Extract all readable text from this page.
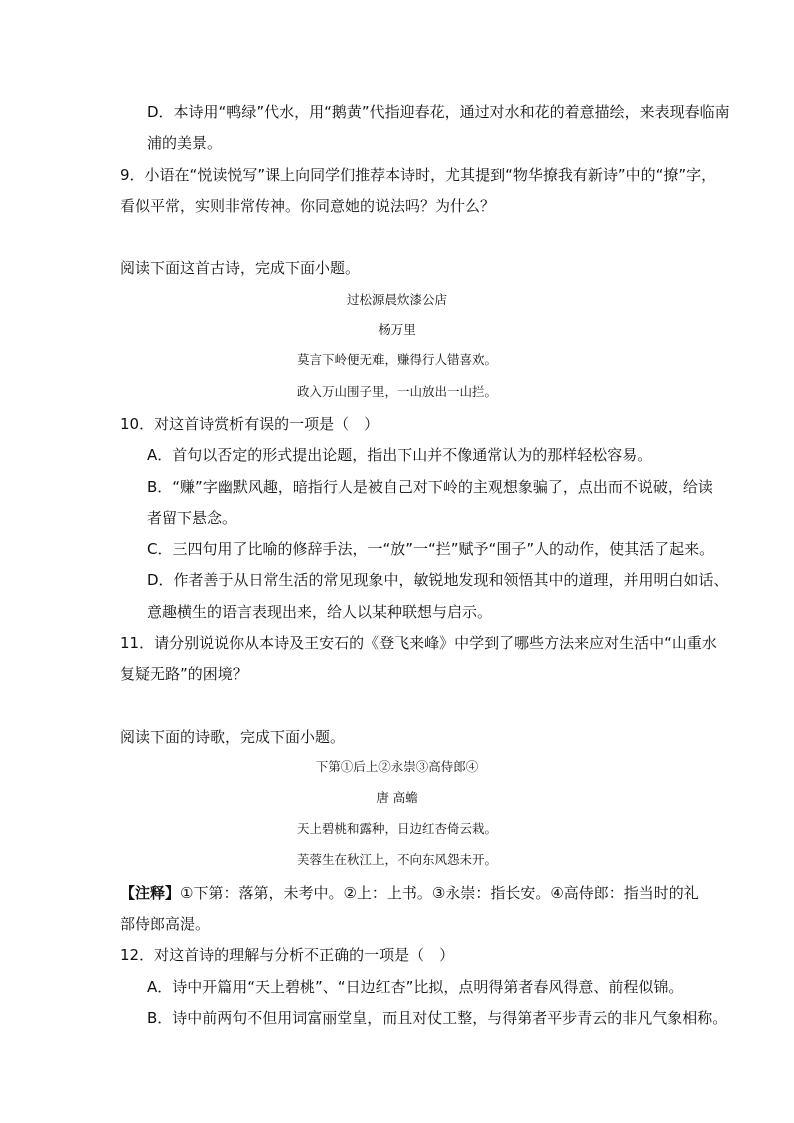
D．本诗用“鸭绿”代水，用“鹅黄”代指迎春花，通过对水和花的着意描绘，来表现春临南
浦的美景。
9．小语在“悦读悦写”课上向同学们推荐本诗时，尤其提到“物华撩我有新诗”中的“撩”字，
看似平常，实则非常传神。你同意她的说法吗？为什么？
阅读下面这首古诗，完成下面小题。
过松源晨炊漆公店
杨万里
莫言下岭便无难，赚得行人错喜欢。
政入万山围子里，一山放出一山拦。
10．对这首诗赏析有误的一项是（　）
A．首句以否定的形式提出论题，指出下山并不像通常认为的那样轻松容易。
B．“赚”字幽默风趣，暗指行人是被自己对下岭的主观想象骗了，点出而不说破，给读
者留下悬念。
C．三四句用了比喻的修辞手法，一“放”一“拦”赋予“围子”人的动作，使其活了起来。
D．作者善于从日常生活的常见现象中，敏锐地发现和领悟其中的道理，并用明白如话、
意趣横生的语言表现出来，给人以某种联想与启示。
11．请分别说说你从本诗及王安石的《登飞来峰》中学到了哪些方法来应对生活中“山重水
复疑无路”的困境？
阅读下面的诗歌，完成下面小题。
下第①后上②永崇③高侍郎④
唐 高蟾
天上碧桃和露种，日边红杏倚云栽。
芙蓉生在秋江上，不向东风怨未开。
【注释】①下第：落第，未考中。②上：上书。③永崇：指长安。④高侍郎：指当时的礼
部侍郎高湜。
12．对这首诗的理解与分析不正确的一项是（　）
A．诗中开篇用“天上碧桃”、“日边红杏”比拟，点明得第者春风得意、前程似锦。
B．诗中前两句不但用词富丽堂皇，而且对仗工整，与得第者平步青云的非凡气象相称。
